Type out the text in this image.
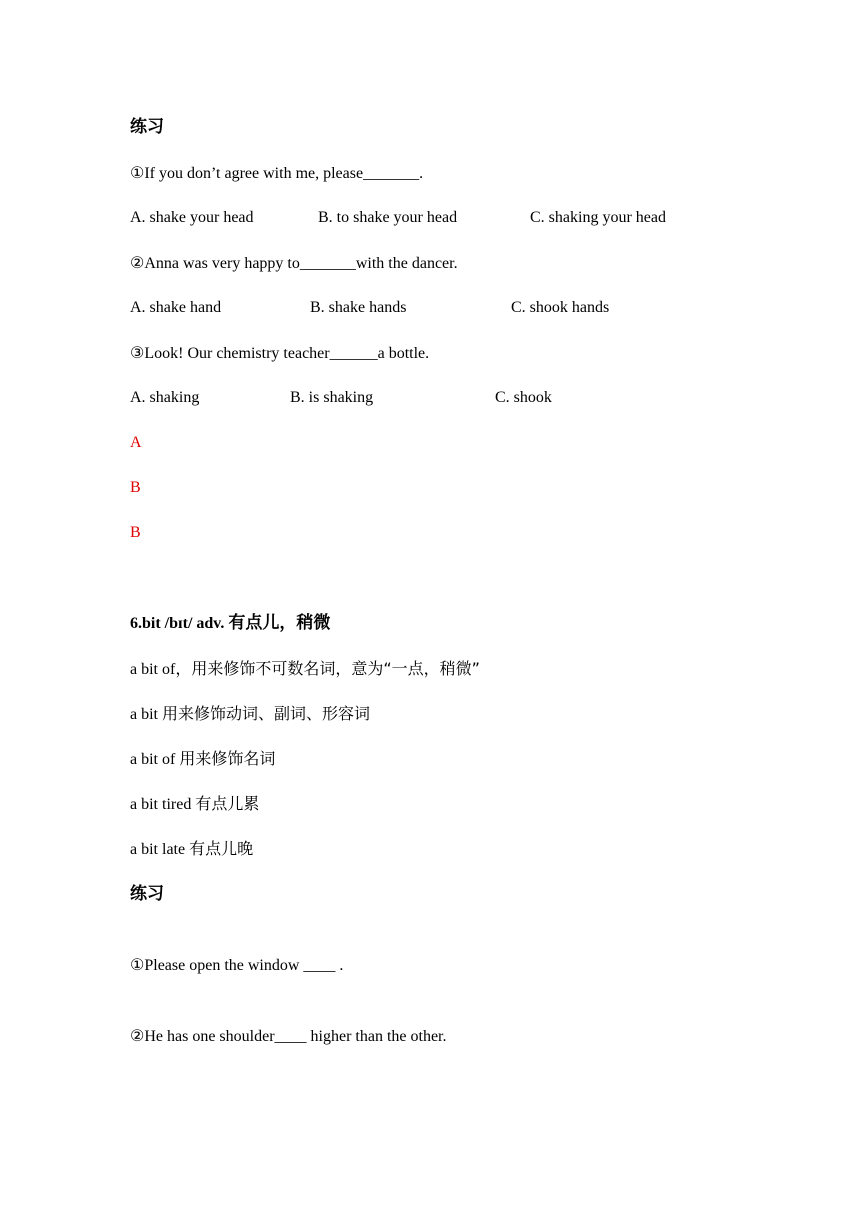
练习
①If you don’t agree with me, please_______.
A. shake your head	B. to shake your head	C. shaking your head
②Anna was very happy to_______with the dancer.
A. shake hand	B. shake hands	C. shook hands
③Look! Our chemistry teacher______a bottle.
A. shaking	B. is shaking	C. shook
A
B
B
6.bit /bɪt/ adv. 有点儿，稍微
a bit of，用来修饰不可数名词，意为“一点，稍微”
a bit 用来修饰动词、副词、形容词
a bit of 用来修饰名词
a bit tired 有点儿累
a bit late 有点儿晚
练习
①Please open the window ____ .
②He has one shoulder____ higher than the other.
